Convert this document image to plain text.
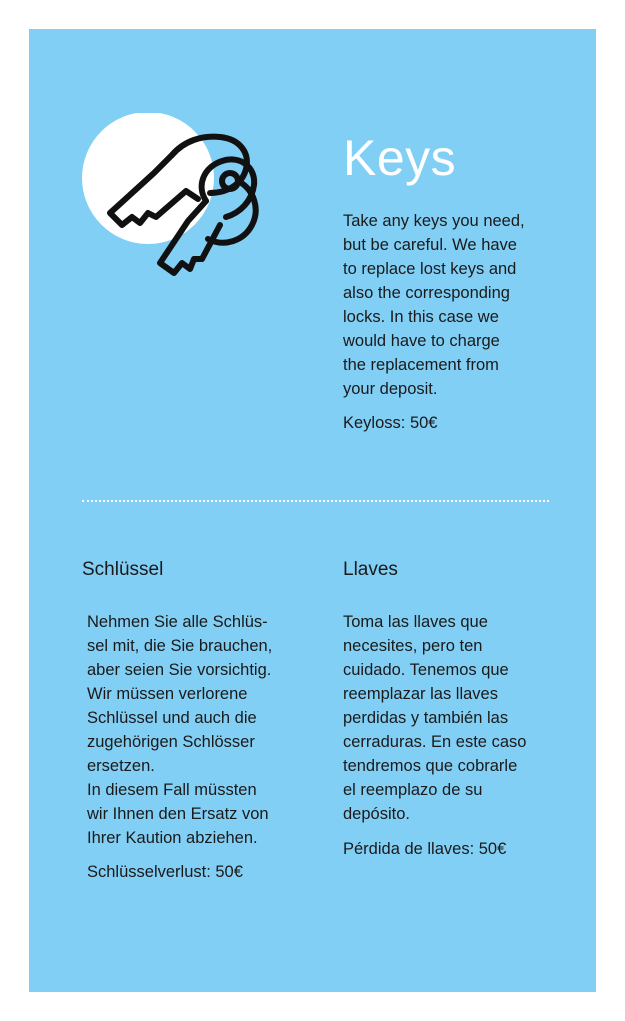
Keys
Take any keys you need,
but be careful. We have
to replace lost keys and
also the corresponding
locks. In this case we
would have to charge
the replacement from
your deposit.

Keyloss: 50€

Schlüssel	Llaves
Nehmen Sie alle Schlüs-
sel mit, die Sie brauchen,
aber seien Sie vorsichtig.
Wir müssen verlorene
Schlüssel und auch die
zugehörigen Schlösser
ersetzen.
In diesem Fall müssten
wir Ihnen den Ersatz von
Ihrer Kaution abziehen.

Schlüsselverlust: 50€

Toma las llaves que
necesites, pero ten
cuidado. Tenemos que
reemplazar las llaves
perdidas y también las
cerraduras. En este caso
tendremos que cobrarle
el reemplazo de su
depósito.

Pérdida de llaves: 50€
